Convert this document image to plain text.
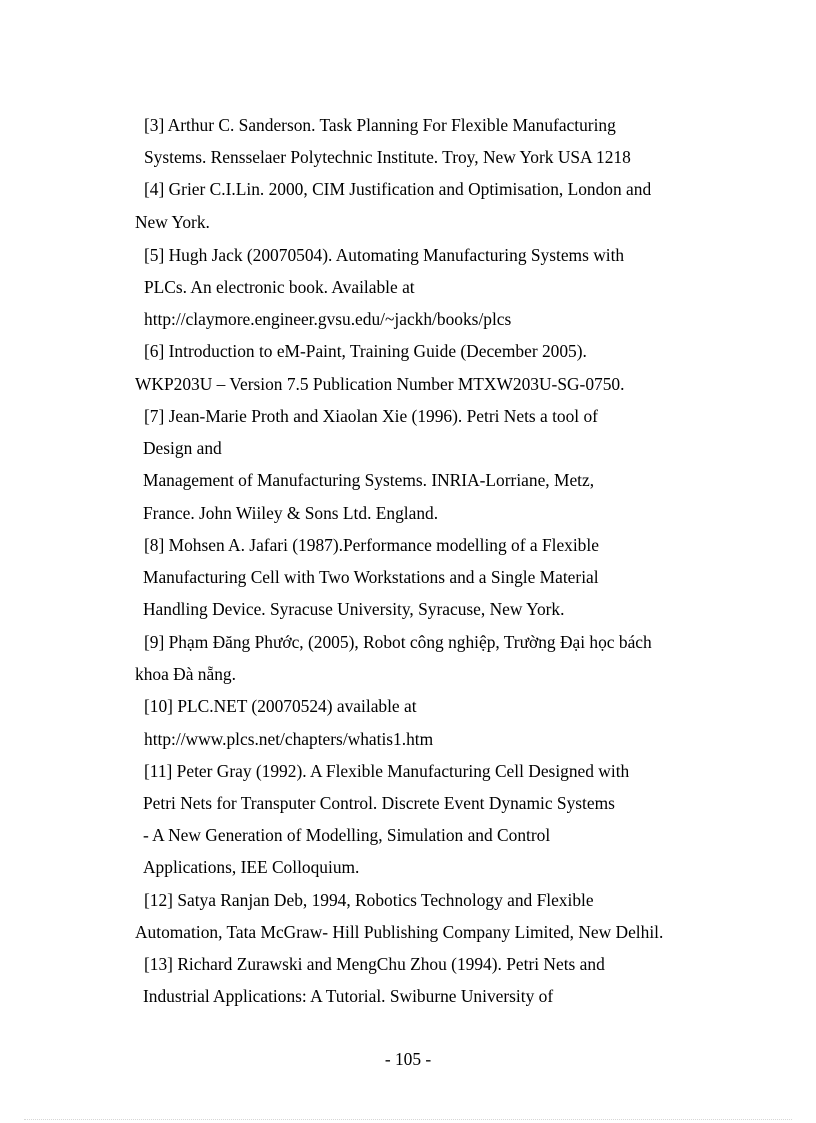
[3] Arthur C. Sanderson. Task Planning For Flexible Manufacturing
Systems. Rensselaer Polytechnic Institute. Troy, New York USA 1218
[4] Grier C.I.Lin. 2000, CIM Justification and Optimisation, London and
New York.
[5] Hugh Jack (20070504). Automating Manufacturing Systems with
PLCs. An electronic book. Available at
http://claymore.engineer.gvsu.edu/~jackh/books/plcs
[6] Introduction to eM-Paint, Training Guide (December 2005).
WKP203U – Version 7.5 Publication Number MTXW203U-SG-0750.
[7] Jean-Marie Proth and Xiaolan Xie (1996). Petri Nets a tool of
Design and
Management of Manufacturing Systems. INRIA-Lorriane, Metz,
France. John Wiiley & Sons Ltd. England.
[8] Mohsen A. Jafari (1987).Performance modelling of a Flexible
Manufacturing Cell with Two Workstations and a Single Material
Handling Device. Syracuse University, Syracuse, New York.
[9] Phạm Đăng Phước, (2005), Robot công nghiệp, Trường Đại học bách
khoa Đà nẵng.
[10] PLC.NET (20070524) available at
http://www.plcs.net/chapters/whatis1.htm
[11] Peter Gray (1992). A Flexible Manufacturing Cell Designed with
Petri Nets for Transputer Control. Discrete Event Dynamic Systems
- A New Generation of Modelling, Simulation and Control
Applications, IEE Colloquium.
[12] Satya Ranjan Deb, 1994, Robotics Technology and Flexible
Automation, Tata McGraw- Hill Publishing Company Limited, New Delhil.
[13] Richard Zurawski and MengChu Zhou (1994). Petri Nets and
Industrial Applications: A Tutorial. Swiburne University of
- 105 -
